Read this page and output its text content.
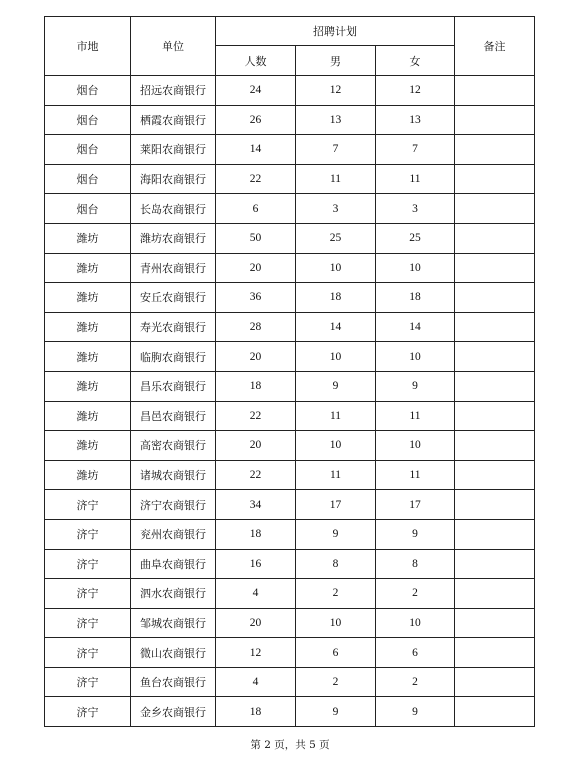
市地	单位	招聘计划			备注
		人数	男	女	
烟台	招远农商银行	24	12	12	
烟台	栖霞农商银行	26	13	13	
烟台	莱阳农商银行	14	7	7	
烟台	海阳农商银行	22	11	11	
烟台	长岛农商银行	6	3	3	
潍坊	潍坊农商银行	50	25	25	
潍坊	青州农商银行	20	10	10	
潍坊	安丘农商银行	36	18	18	
潍坊	寿光农商银行	28	14	14	
潍坊	临朐农商银行	20	10	10	
潍坊	昌乐农商银行	18	9	9	
潍坊	昌邑农商银行	22	11	11	
潍坊	高密农商银行	20	10	10	
潍坊	诸城农商银行	22	11	11	
济宁	济宁农商银行	34	17	17	
济宁	兖州农商银行	18	9	9	
济宁	曲阜农商银行	16	8	8	
济宁	泗水农商银行	4	2	2	
济宁	邹城农商银行	20	10	10	
济宁	微山农商银行	12	6	6	
济宁	鱼台农商银行	4	2	2	
济宁	金乡农商银行	18	9	9	
第 2 页，共 5 页
